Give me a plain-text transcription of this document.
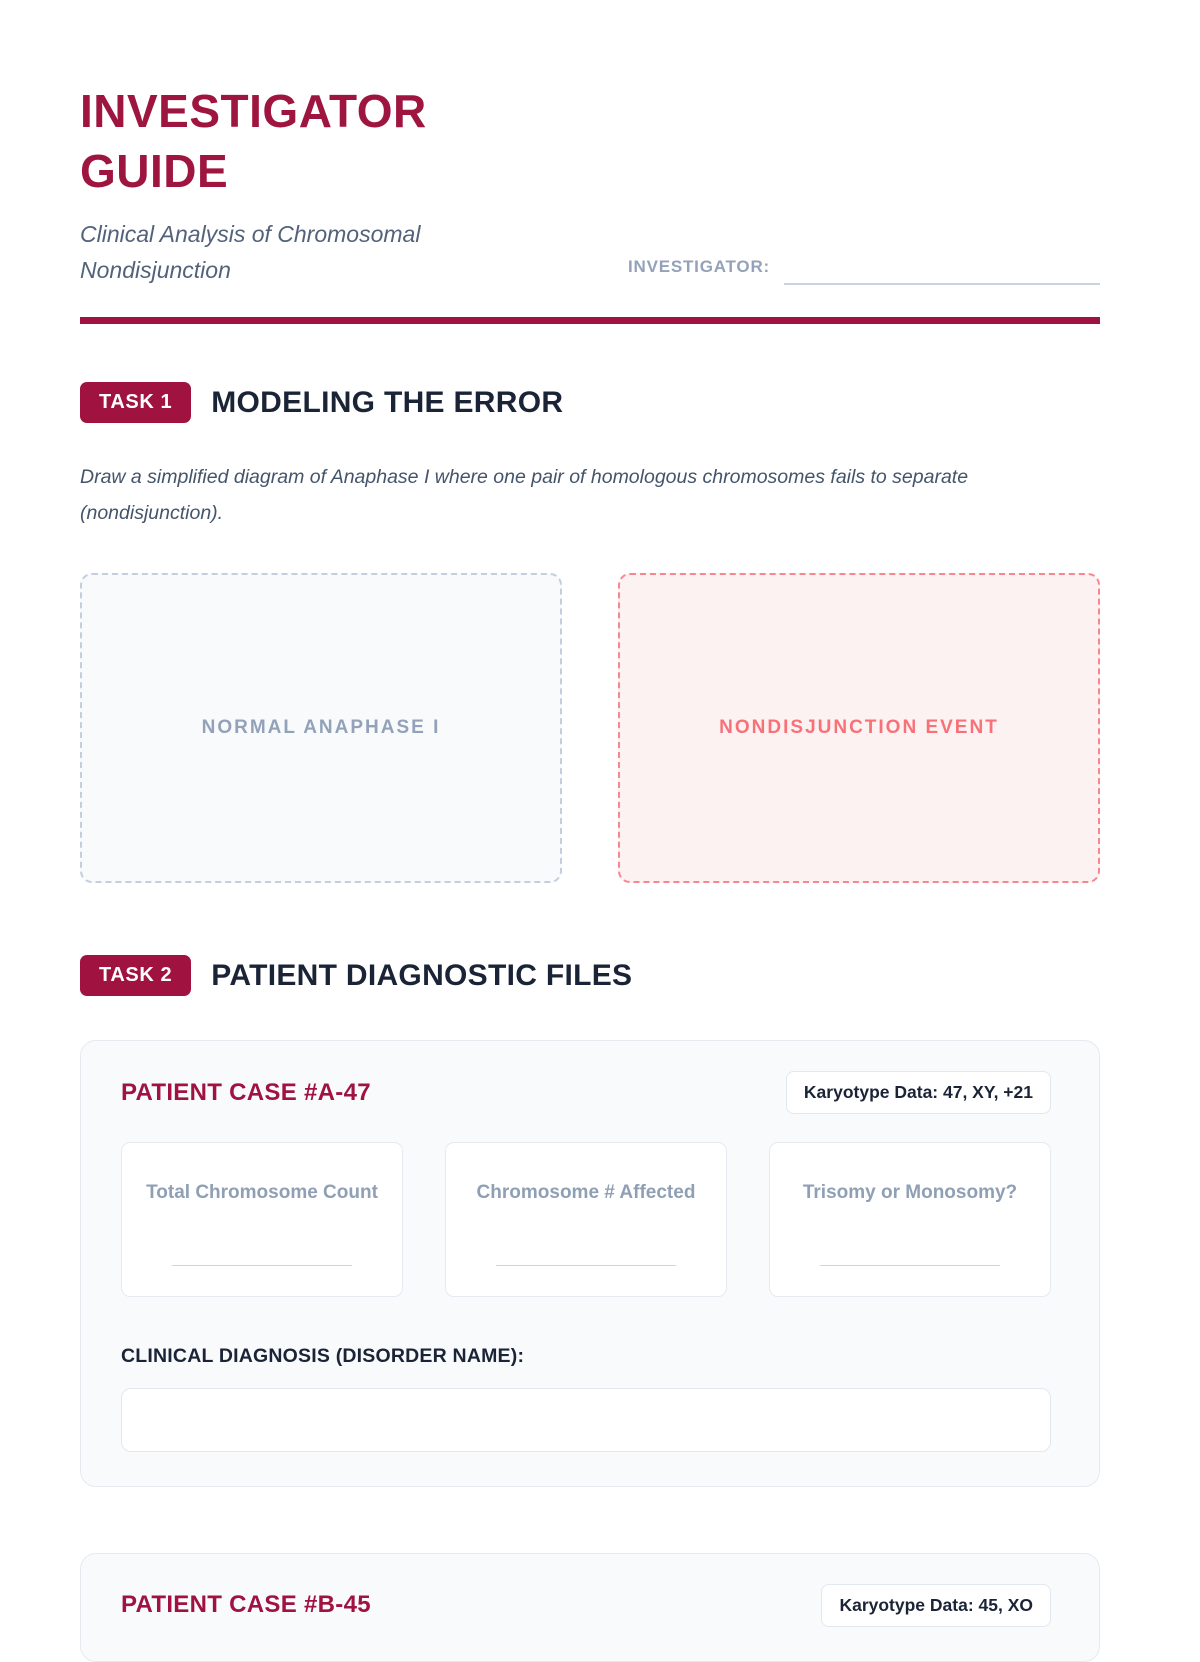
INVESTIGATOR GUIDE
Clinical Analysis of Chromosomal Nondisjunction	INVESTIGATOR:
TASK 1	MODELING THE ERROR
Draw a simplified diagram of Anaphase I where one pair of homologous chromosomes fails to separate (nondisjunction).
NORMAL ANAPHASE I	NONDISJUNCTION EVENT
TASK 2	PATIENT DIAGNOSTIC FILES
PATIENT CASE #A-47	Karyotype Data: 47, XY, +21
Total Chromosome Count	Chromosome # Affected	Trisomy or Monosomy?
CLINICAL DIAGNOSIS (DISORDER NAME):
PATIENT CASE #B-45	Karyotype Data: 45, XO
